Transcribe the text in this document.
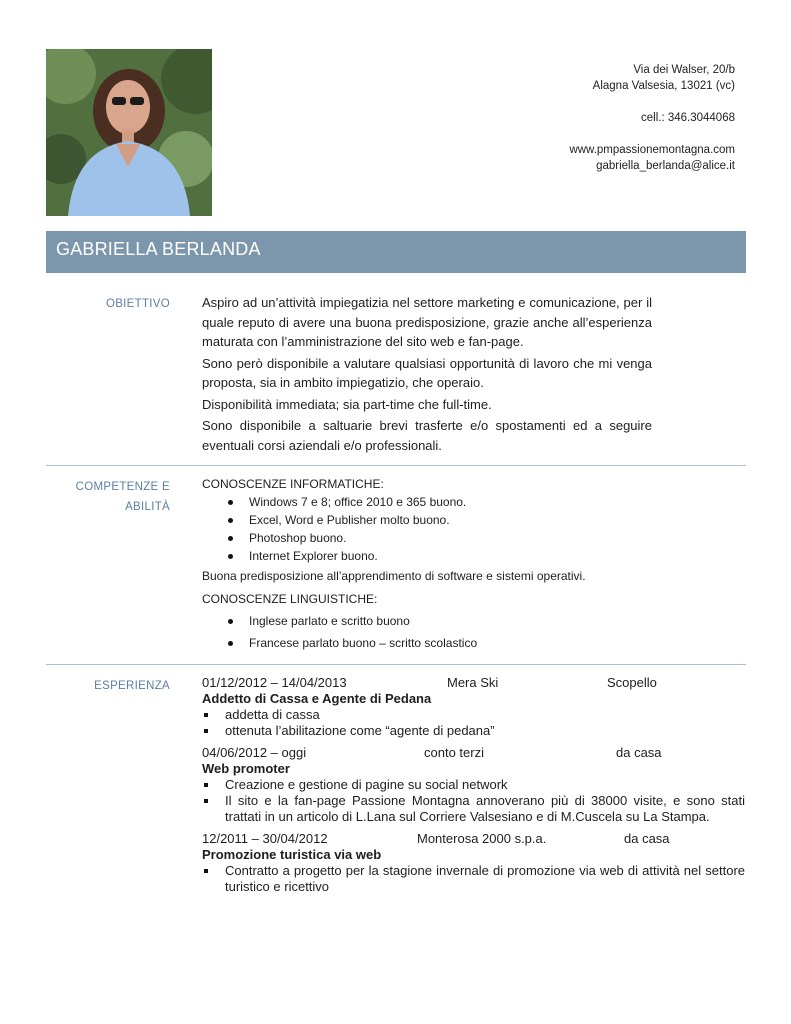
Via dei Walser, 20/b
Alagna Valsesia, 13021 (vc)
cell.: 346.3044068
www.pmpassionemontagna.com
gabriella_berlanda@alice.it
GABRIELLA BERLANDA
OBIETTIVO Aspiro ad un’attività impiegatizia nel settore marketing e comunicazione, per il quale reputo di avere una buona predisposizione, grazie anche all’esperienza maturata con l’amministrazione del sito web e fan-page.

Sono però disponibile a valutare qualsiasi opportunità di lavoro che mi venga proposta, sia in ambito impiegatizio, che operaio.

Disponibilità immediata; sia part-time che full-time.

Sono disponibile a saltuarie brevi trasferte e/o spostamenti ed a seguire eventuali corsi aziendali e/o professionali.

COMPETENZE E
ABILITÀ

CONOSCENZE INFORMATICHE:

Windows 7 e 8; office 2010 e 365 buono.
Excel, Word e Publisher molto buono.
Photoshop buono.
Internet Explorer buono.

Buona predisposizione all’apprendimento di software e sistemi operativi.

CONOSCENZE LINGUISTICHE:

Inglese parlato e scritto buono
Francese parlato buono – scritto scolastico
ESPERIENZA 01/12/2012 – 14/04/2013	Mera Ski	Scopello
Addetto di Cassa e Agente di Pedana
addetta di cassa
ottenuta l’abilitazione come “agente di pedana”
04/06/2012 – oggi	conto terzi	da casa
Web promoter
Creazione e gestione di pagine su social network
Il sito e la fan-page Passione Montagna annoverano più di 38000 visite, e sono stati trattati in un articolo di L.Lana sul Corriere Valsesiano e di M.Cuscela su La Stampa.
12/2011 – 30/04/2012	Monterosa 2000 s.p.a.	da casa
Promozione turistica via web
Contratto a progetto per la stagione invernale di promozione via web di attività nel settore turistico e ricettivo
